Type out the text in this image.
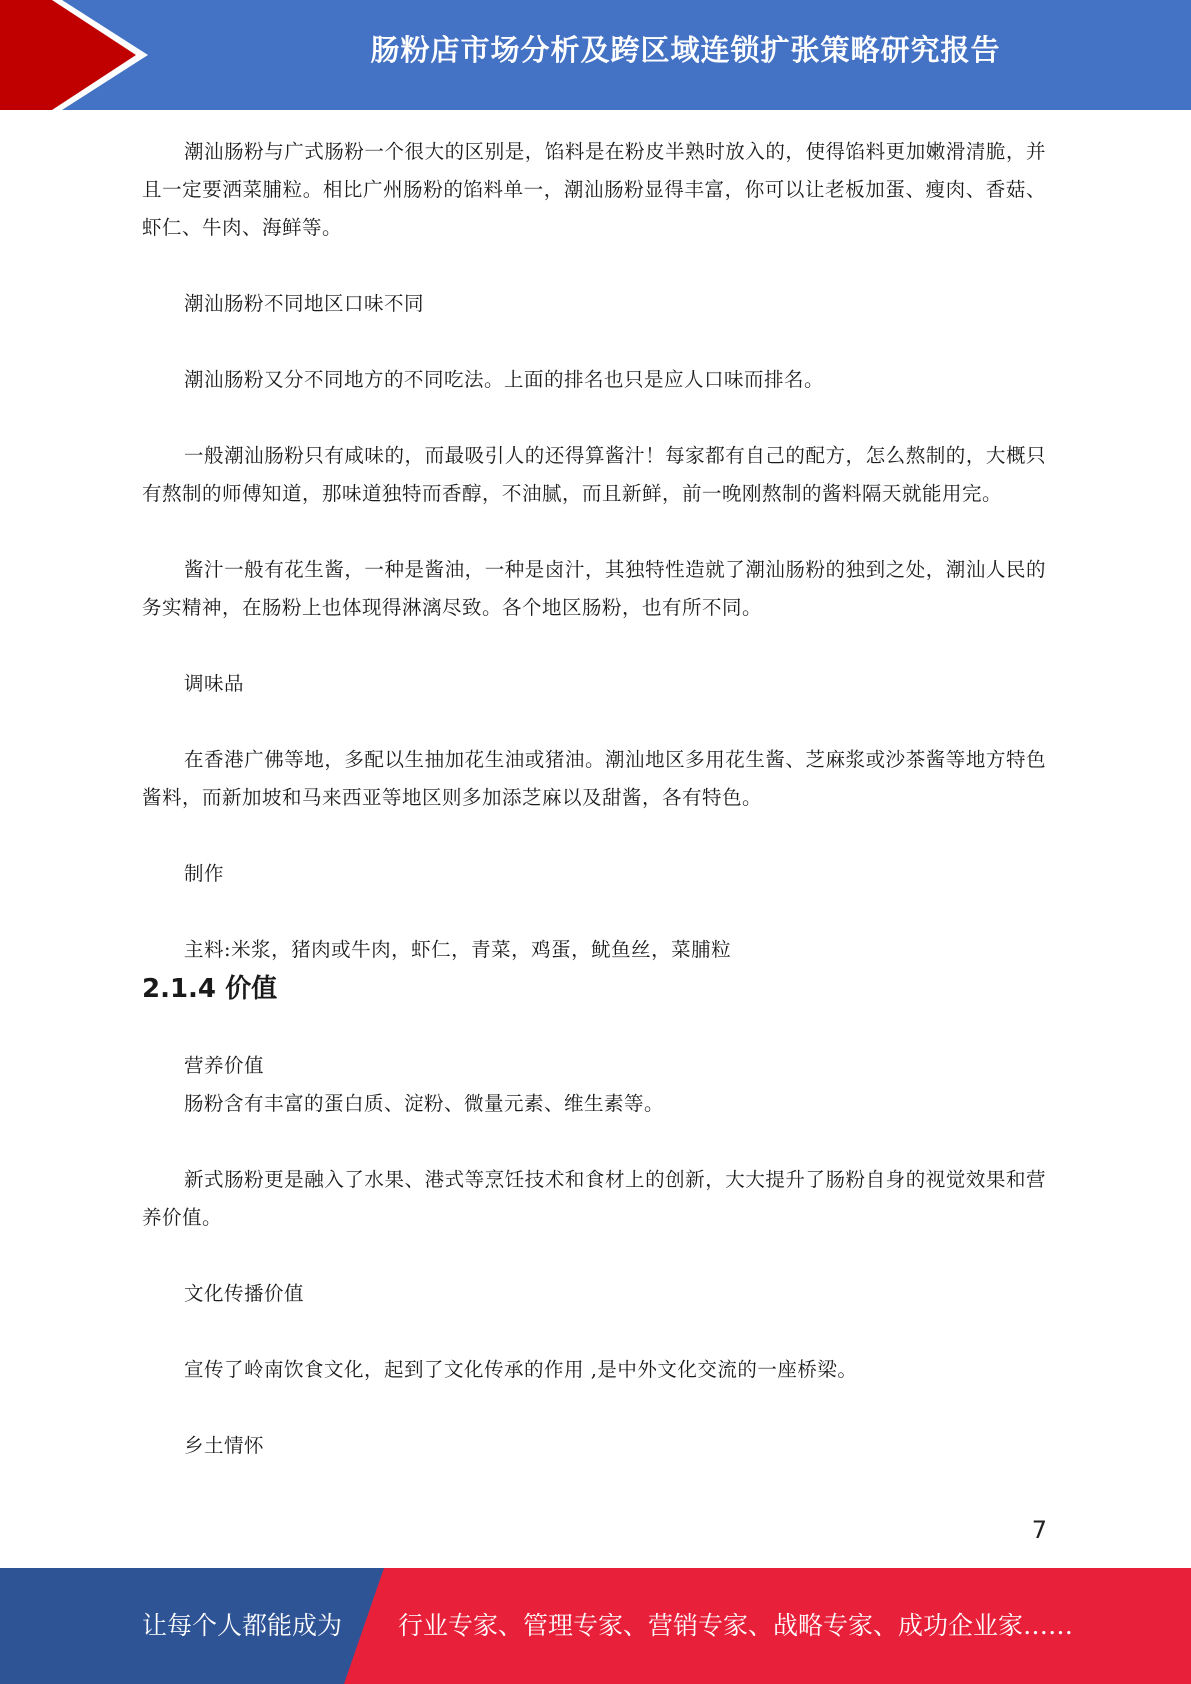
肠粉店市场分析及跨区域连锁扩张策略研究报告

潮汕肠粉与广式肠粉一个很大的区别是，馅料是在粉皮半熟时放入的，使得馅料更加嫩滑清脆，并且一定要洒菜脯粒。相比广州肠粉的馅料单一，潮汕肠粉显得丰富，你可以让老板加蛋、瘦肉、香菇、虾仁、牛肉、海鲜等。

潮汕肠粉不同地区口味不同

潮汕肠粉又分不同地方的不同吃法。上面的排名也只是应人口味而排名。

一般潮汕肠粉只有咸味的，而最吸引人的还得算酱汁！每家都有自己的配方，怎么熬制的，大概只有熬制的师傅知道，那味道独特而香醇，不油腻，而且新鲜，前一晚刚熬制的酱料隔天就能用完。

酱汁一般有花生酱，一种是酱油，一种是卤汁，其独特性造就了潮汕肠粉的独到之处，潮汕人民的务实精神，在肠粉上也体现得淋漓尽致。各个地区肠粉，也有所不同。

调味品

在香港广佛等地，多配以生抽加花生油或猪油。潮汕地区多用花生酱、芝麻浆或沙茶酱等地方特色酱料，而新加坡和马来西亚等地区则多加添芝麻以及甜酱，各有特色。

制作

主料:米浆，猪肉或牛肉，虾仁，青菜，鸡蛋，鱿鱼丝，菜脯粒

2.1.4 价值

营养价值

肠粉含有丰富的蛋白质、淀粉、微量元素、维生素等。

新式肠粉更是融入了水果、港式等烹饪技术和食材上的创新，大大提升了肠粉自身的视觉效果和营养价值。

文化传播价值

宣传了岭南饮食文化，起到了文化传承的作用 ,是中外文化交流的一座桥梁。

乡土情怀

7
让每个人都能成为 行业专家、管理专家、营销专家、战略专家、成功企业家……
